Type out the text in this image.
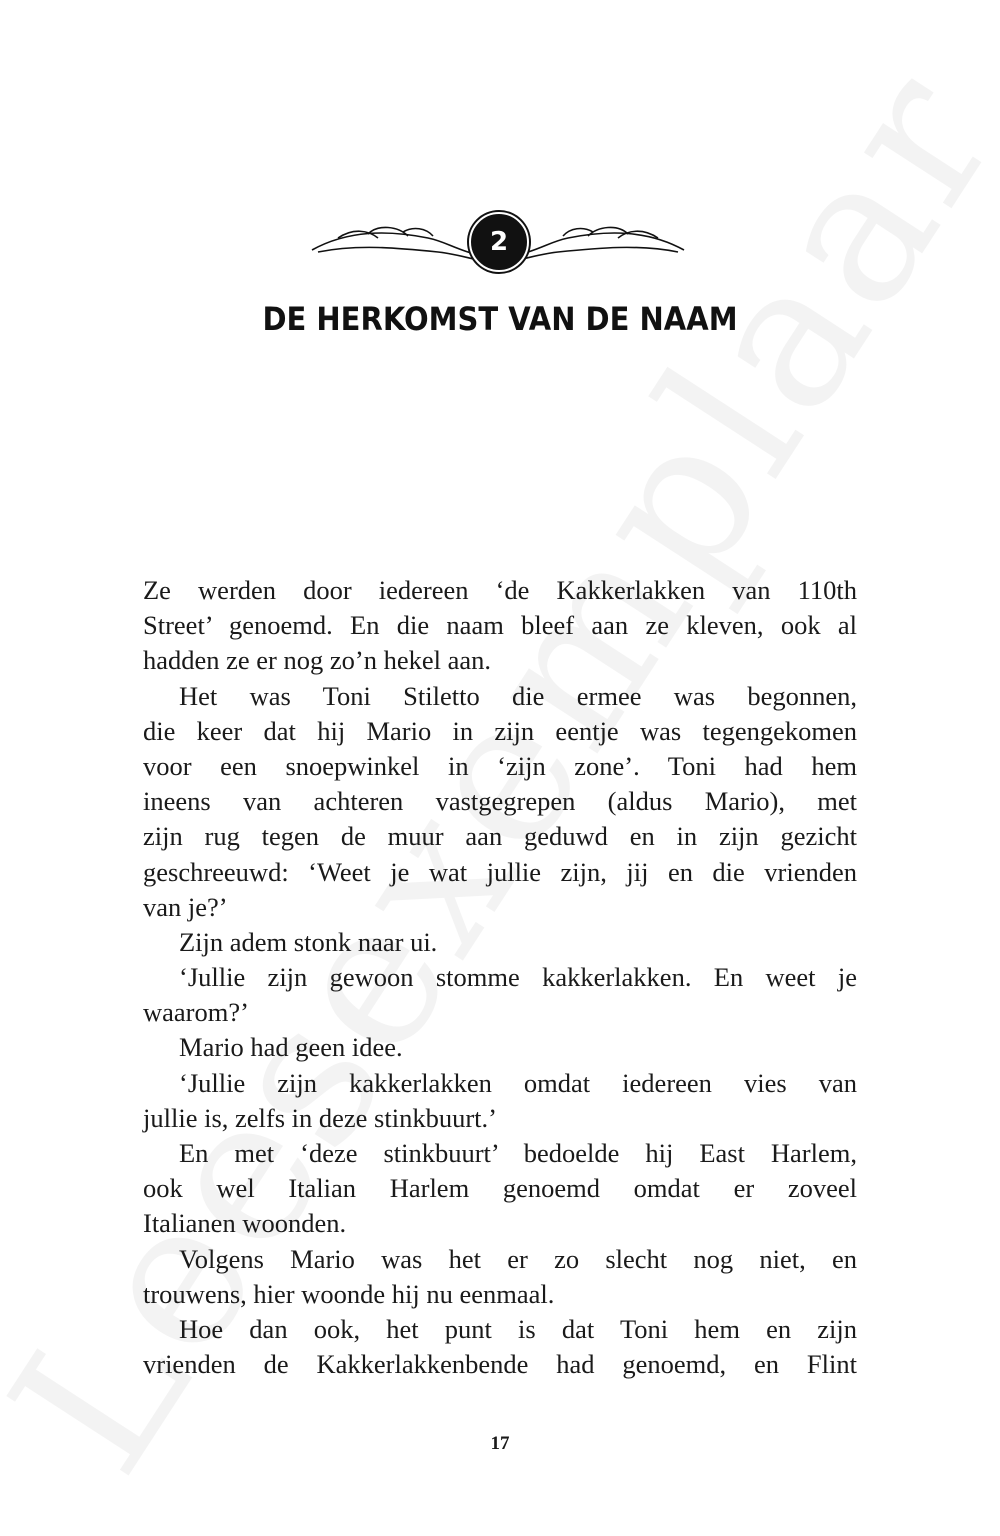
2
DE HERKOMST VAN DE NAAM
Ze werden door iedereen ‘de Kakkerlakken van 110th
Street’ genoemd. En die naam bleef aan ze kleven, ook al
hadden ze er nog zo’n hekel aan.
Het was Toni Stiletto die ermee was begonnen,
die keer dat hij Mario in zijn eentje was tegengekomen
voor een snoepwinkel in ‘zijn zone’. Toni had hem
ineens van achteren vastgegrepen (aldus Mario), met
zijn rug tegen de muur aan geduwd en in zijn gezicht
geschreeuwd: ‘Weet je wat jullie zijn, jij en die vrienden
van je?’
Zijn adem stonk naar ui.
‘Jullie zijn gewoon stomme kakkerlakken. En weet je
waarom?’
Mario had geen idee.
‘Jullie zijn kakkerlakken omdat iedereen vies van
jullie is, zelfs in deze stinkbuurt.’
En met ‘deze stinkbuurt’ bedoelde hij East Harlem,
ook wel Italian Harlem genoemd omdat er zoveel
Italianen woonden.
Volgens Mario was het er zo slecht nog niet, en
trouwens, hier woonde hij nu eenmaal.
Hoe dan ook, het punt is dat Toni hem en zijn
vrienden de Kakkerlakkenbende had genoemd, en Flint
17
